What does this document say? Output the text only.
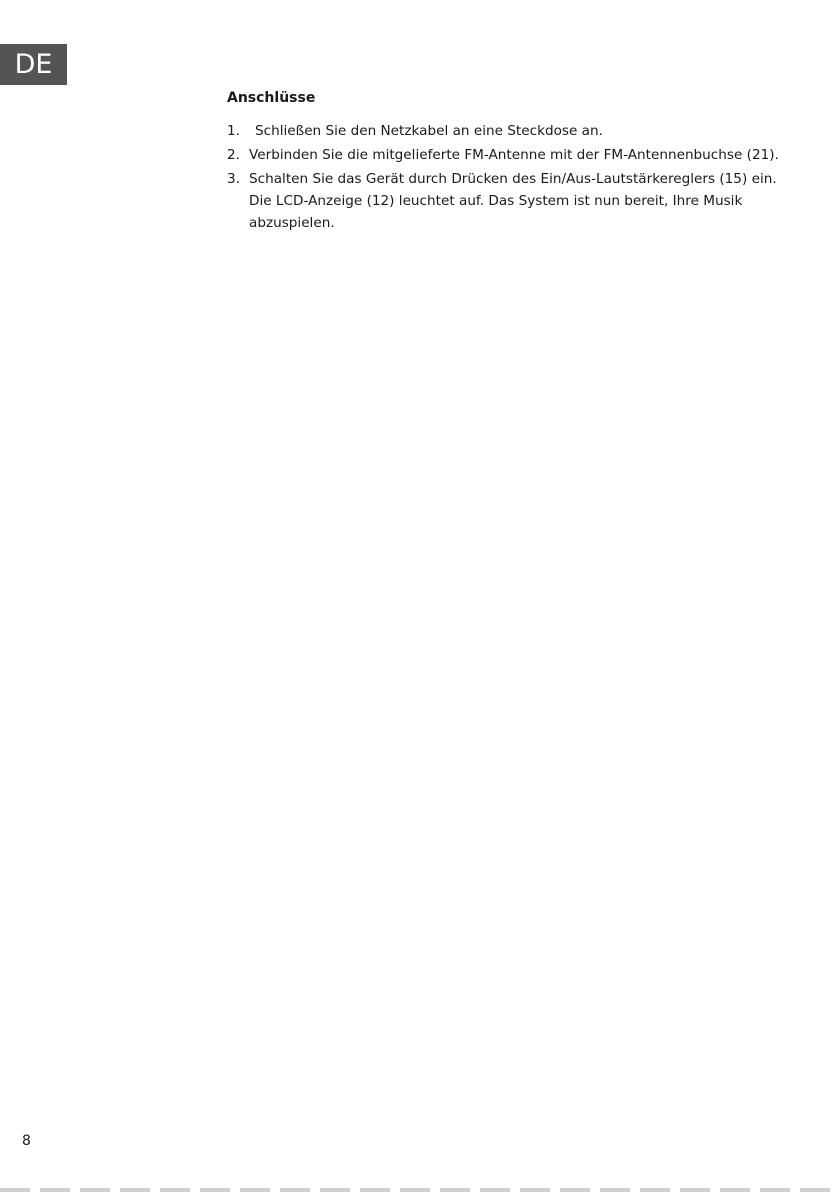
DE
Anschlüsse
1. Schließen Sie den Netzkabel an eine Steckdose an.
2. Verbinden Sie die mitgelieferte FM-Antenne mit der FM-Antennenbuchse (21).
3. Schalten Sie das Gerät durch Drücken des Ein/Aus-Lautstärkereglers (15) ein. Die LCD-Anzeige (12) leuchtet auf. Das System ist nun bereit, Ihre Musik abzuspielen.
8
